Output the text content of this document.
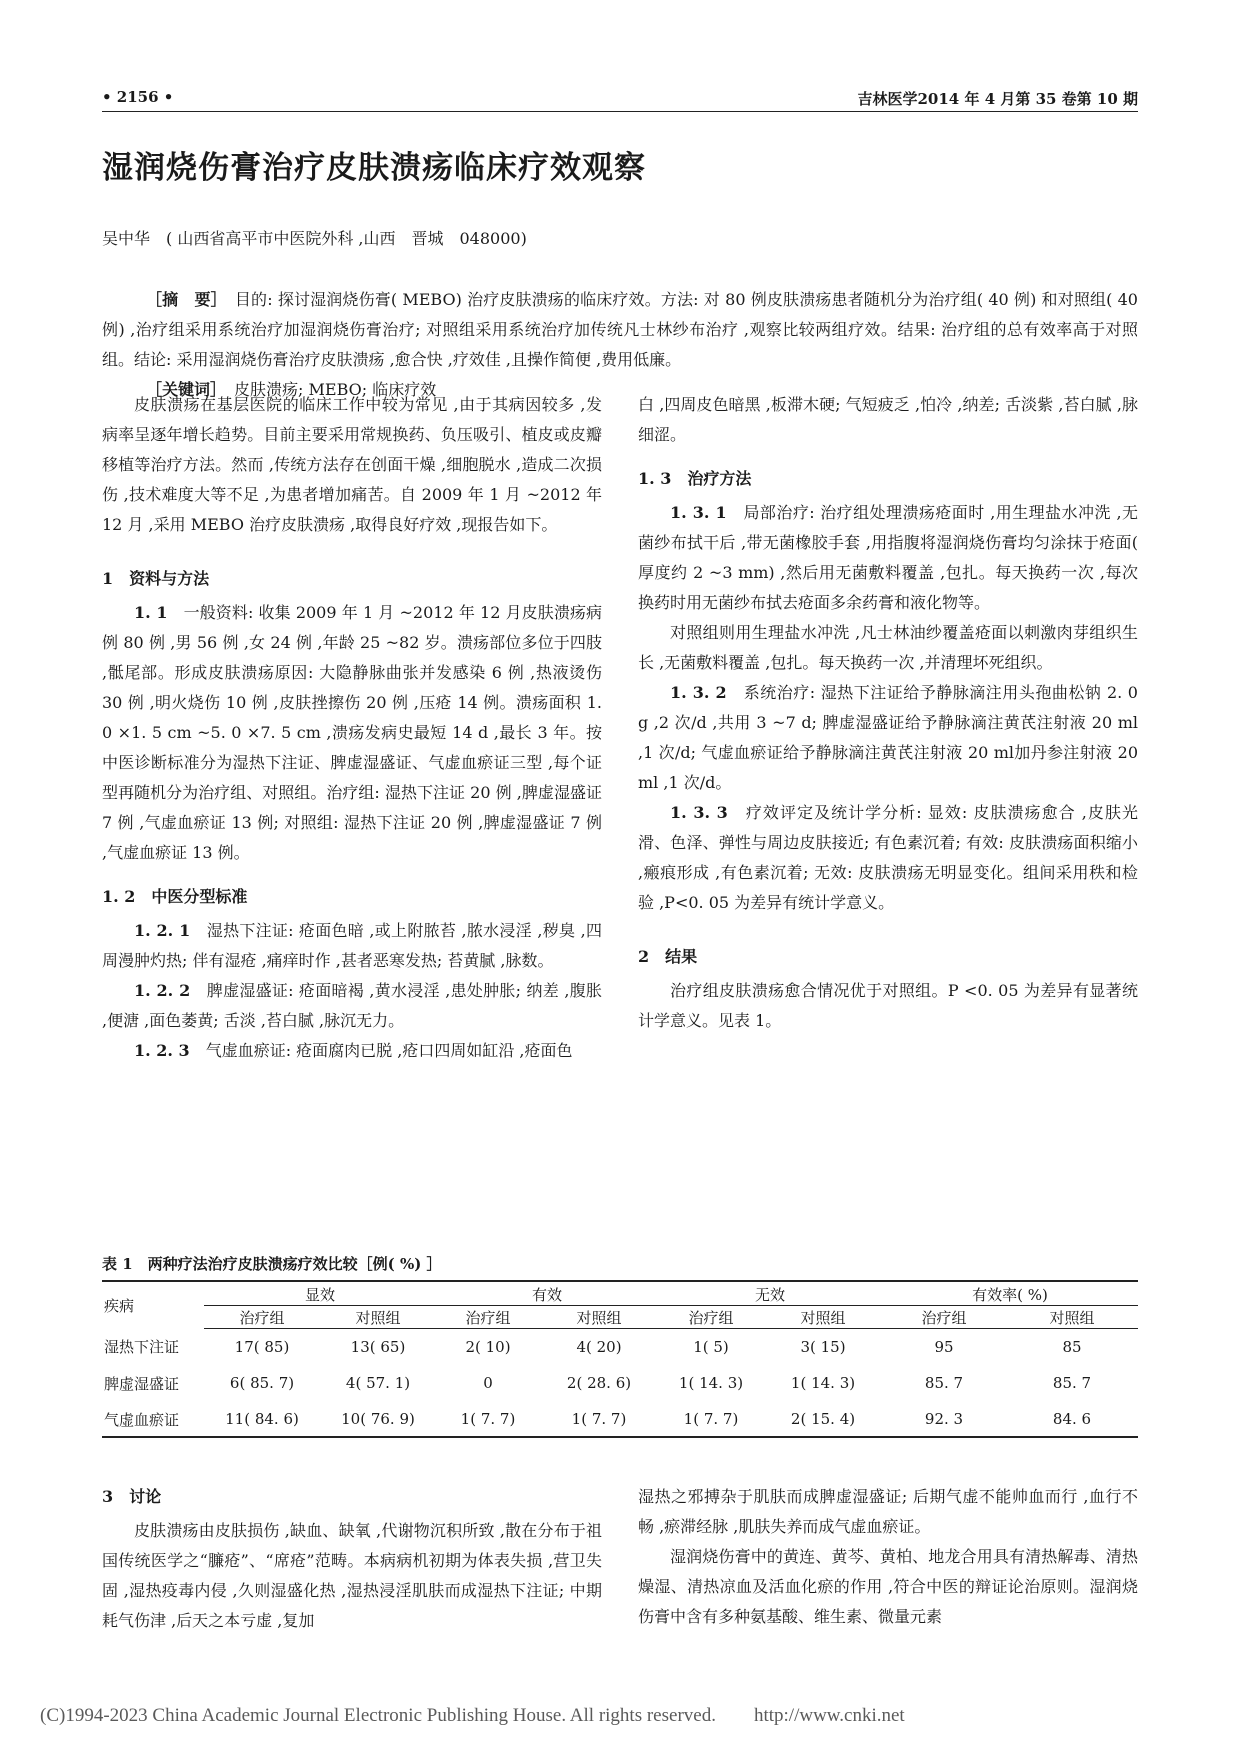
• 2156 •	吉林医学2014 年 4 月第 35 卷第 10 期
湿润烧伤膏治疗皮肤溃疡临床疗效观察
吴中华　( 山西省高平市中医院外科 ,山西　晋城　048000)

［摘　要］　 目的: 探讨湿润烧伤膏( MEBO) 治疗皮肤溃疡的临床疗效。方法: 对 80 例皮肤溃疡患者随机分为治疗组( 40 例) 和对照组( 40 例) ,治疗组采用系统治疗加湿润烧伤膏治疗; 对照组采用系统治疗加传统凡士林纱布治疗 ,观察比较两组疗效。结果: 治疗组的总有效率高于对照组。结论: 采用湿润烧伤膏治疗皮肤溃疡 ,愈合快 ,疗效佳 ,且操作简便 ,费用低廉。

［关键词］　 皮肤溃疡; MEBO; 临床疗效

皮肤溃疡在基层医院的临床工作中较为常见 ,由于其病因较多 ,发病率呈逐年增长趋势。目前主要采用常规换药、负压吸引、植皮或皮瓣移植等治疗方法。然而 ,传统方法存在创面干燥 ,细胞脱水 ,造成二次损伤 ,技术难度大等不足 ,为患者增加痛苦。自 2009 年 1 月 ~2012 年 12 月 ,采用 MEBO 治疗皮肤溃疡 ,取得良好疗效 ,现报告如下。

1　资料与方法

1. 1　一般资料: 收集 2009 年 1 月 ~2012 年 12 月皮肤溃疡病例 80 例 ,男 56 例 ,女 24 例 ,年龄 25 ~82 岁。溃疡部位多位于四肢 ,骶尾部。形成皮肤溃疡原因: 大隐静脉曲张并发感染 6 例 ,热液烫伤 30 例 ,明火烧伤 10 例 ,皮肤挫擦伤 20 例 ,压疮 14 例。溃疡面积 1. 0 ×1. 5 cm ~5. 0 ×7. 5 cm ,溃疡发病史最短 14 d ,最长 3 年。按中医诊断标准分为湿热下注证、脾虚湿盛证、气虚血瘀证三型 ,每个证型再随机分为治疗组、对照组。治疗组: 湿热下注证 20 例 ,脾虚湿盛证 7 例 ,气虚血瘀证 13 例; 对照组: 湿热下注证 20 例 ,脾虚湿盛证 7 例 ,气虚血瘀证 13 例。

1. 2　中医分型标准

1. 2. 1　湿热下注证: 疮面色暗 ,或上附脓苔 ,脓水浸淫 ,秽臭 ,四周漫肿灼热; 伴有湿疮 ,痛痒时作 ,甚者恶寒发热; 苔黄腻 ,脉数。

1. 2. 2　脾虚湿盛证: 疮面暗褐 ,黄水浸淫 ,患处肿胀; 纳差 ,腹胀 ,便溏 ,面色萎黄; 舌淡 ,苔白腻 ,脉沉无力。

1. 2. 3　气虚血瘀证: 疮面腐肉已脱 ,疮口四周如缸沿 ,疮面色

白 ,四周皮色暗黑 ,板滞木硬; 气短疲乏 ,怕冷 ,纳差; 舌淡紫 ,苔白腻 ,脉细涩。

1. 3　治疗方法

1. 3. 1　局部治疗: 治疗组处理溃疡疮面时 ,用生理盐水冲洗 ,无菌纱布拭干后 ,带无菌橡胶手套 ,用指腹将湿润烧伤膏均匀涂抹于疮面( 厚度约 2 ~3 mm) ,然后用无菌敷料覆盖 ,包扎。每天换药一次 ,每次换药时用无菌纱布拭去疮面多余药膏和液化物等。

对照组则用生理盐水冲洗 ,凡士林油纱覆盖疮面以刺激肉芽组织生长 ,无菌敷料覆盖 ,包扎。每天换药一次 ,并清理坏死组织。

1. 3. 2　系统治疗: 湿热下注证给予静脉滴注用头孢曲松钠 2. 0 g ,2 次/d ,共用 3 ~7 d; 脾虚湿盛证给予静脉滴注黄芪注射液 20 ml ,1 次/d; 气虚血瘀证给予静脉滴注黄芪注射液 20 ml加丹参注射液 20 ml ,1 次/d。

1. 3. 3　疗效评定及统计学分析: 显效: 皮肤溃疡愈合 ,皮肤光滑、色泽、弹性与周边皮肤接近; 有色素沉着; 有效: 皮肤溃疡面积缩小 ,瘢痕形成 ,有色素沉着; 无效: 皮肤溃疡无明显变化。组间采用秩和检验 ,P<0. 05 为差异有统计学意义。

2　结果

治疗组皮肤溃疡愈合情况优于对照组。P <0. 05 为差异有显著统计学意义。见表 1。

表 1　两种疗法治疗皮肤溃疡疗效比较［例( %) ］
疾病	显效		有效		无效		有效率( %)	
	治疗组	对照组	治疗组	对照组	治疗组	对照组	治疗组	对照组
湿热下注证	17( 85)	13( 65)	2( 10)	4( 20)	1( 5)	3( 15)	95	85
脾虚湿盛证	6( 85. 7)	4( 57. 1)	0	2( 28. 6)	1( 14. 3)	1( 14. 3)	85. 7	85. 7
气虚血瘀证	11( 84. 6)	10( 76. 9)	1( 7. 7)	1( 7. 7)	1( 7. 7)	2( 15. 4)	92. 3	84. 6

3　讨论

皮肤溃疡由皮肤损伤 ,缺血、缺氧 ,代谢物沉积所致 ,散在分布于祖国传统医学之“臁疮”、“席疮”范畴。本病病机初期为体表失损 ,营卫失固 ,湿热疫毒内侵 ,久则湿盛化热 ,湿热浸淫肌肤而成湿热下注证; 中期耗气伤津 ,后天之本亏虚 ,复加

湿热之邪搏杂于肌肤而成脾虚湿盛证; 后期气虚不能帅血而行 ,血行不畅 ,瘀滞经脉 ,肌肤失养而成气虚血瘀证。

湿润烧伤膏中的黄连、黄芩、黄柏、地龙合用具有清热解毒、清热燥湿、清热凉血及活血化瘀的作用 ,符合中医的辩证论治原则。湿润烧伤膏中含有多种氨基酸、维生素、微量元素

(C)1994-2023 China Academic Journal Electronic Publishing House. All rights reserved.　　http://www.cnki.net
